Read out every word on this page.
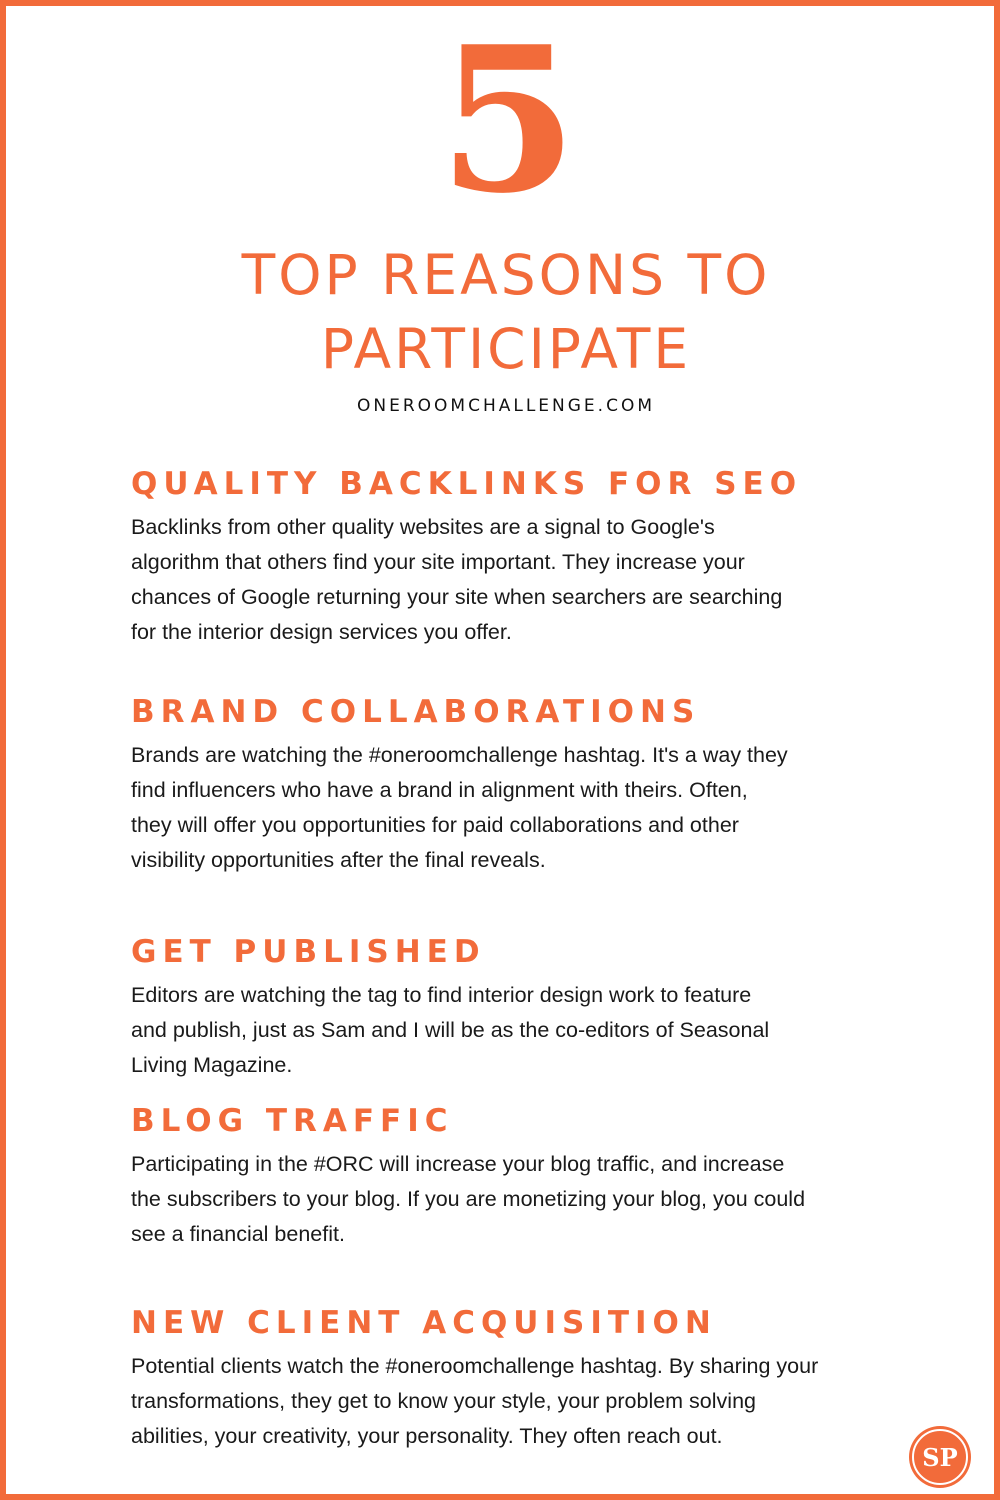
5
TOP REASONS TO
PARTICIPATE
ONEROOMCHALLENGE.COM
QUALITY BACKLINKS FOR SEO
Backlinks from other quality websites are a signal to Google's
algorithm that others find your site important. They increase your
chances of Google returning your site when searchers are searching
for the interior design services you offer.
BRAND COLLABORATIONS
Brands are watching the #oneroomchallenge hashtag. It's a way they
find influencers who have a brand in alignment with theirs. Often,
they will offer you opportunities for paid collaborations and other
visibility opportunities after the final reveals.
GET PUBLISHED
Editors are watching the tag to find interior design work to feature
and publish, just as Sam and I will be as the co-editors of Seasonal
Living Magazine.
BLOG TRAFFIC
Participating in the #ORC will increase your blog traffic, and increase
the subscribers to your blog. If you are monetizing your blog, you could
see a financial benefit.
NEW CLIENT ACQUISITION
Potential clients watch the #oneroomchallenge hashtag. By sharing your
transformations, they get to know your style, your problem solving
abilities, your creativity, your personality. They often reach out.
SP
